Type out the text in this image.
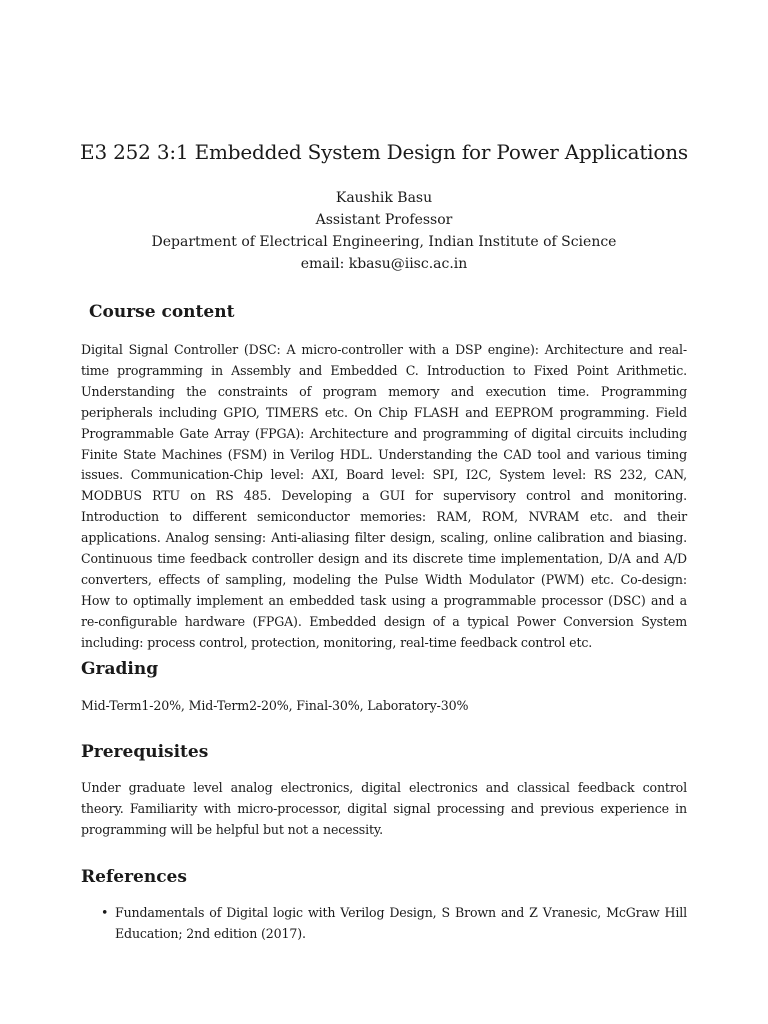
E3 252 3:1 Embedded System Design for Power Applications
Kaushik Basu
Assistant Professor
Department of Electrical Engineering, Indian Institute of Science
email: kbasu@iisc.ac.in
Course content

Digital Signal Controller (DSC: A micro-controller with a DSP engine): Architecture and real-time programming in Assembly and Embedded C. Introduction to Fixed Point Arithmetic. Understanding the constraints of program memory and execution time. Programming peripherals including GPIO, TIMERS etc. On Chip FLASH and EEPROM programming. Field Programmable Gate Array (FPGA): Architecture and programming of digital circuits including Finite State Machines (FSM) in Verilog HDL. Understanding the CAD tool and various timing issues. Communication-Chip level: AXI, Board level: SPI, I2C, System level: RS 232, CAN, MODBUS RTU on RS 485. Developing a GUI for supervisory control and monitoring. Introduction to different semiconductor memories: RAM, ROM, NVRAM etc. and their applications. Analog sensing: Anti-aliasing filter design, scaling, online calibration and biasing. Continuous time feedback controller design and its discrete time implementation, D/A and A/D converters, effects of sampling, modeling the Pulse Width Modulator (PWM) etc. Co-design: How to optimally implement an embedded task using a programmable processor (DSC) and a re-configurable hardware (FPGA). Embedded design of a typical Power Conversion System including: process control, protection, monitoring, real-time feedback control etc.

Grading

Mid-Term1-20%, Mid-Term2-20%, Final-30%, Laboratory-30%

Prerequisites

Under graduate level analog electronics, digital electronics and classical feedback control theory. Familiarity with micro-processor, digital signal processing and previous experience in programming will be helpful but not a necessity.

References
• Fundamentals of Digital logic with Verilog Design, S Brown and Z Vranesic, McGraw Hill Education; 2nd edition (2017).
